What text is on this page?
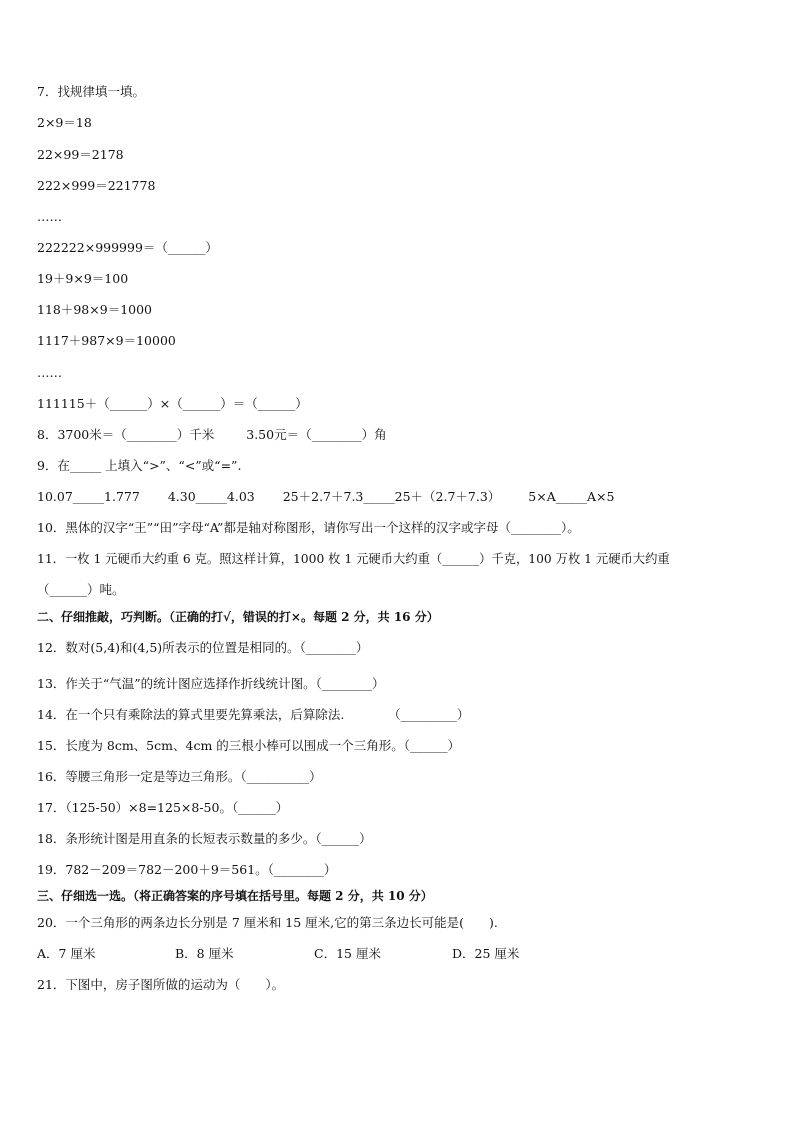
7．找规律填一填。
2×9＝18
22×99＝2178
222×999＝221778
……
222222×999999＝（______）
19＋9×9＝100
118＋98×9＝1000
1117＋987×9＝10000
……
111115＋（______）×（______）＝（______）
8．3700米＝（________）千米	3.50元＝（________）角
9．在_____ 上填入“>”、“<”或“=”.
10.07_____1.777 4.30_____4.03 25＋2.7＋7.3_____25＋（2.7＋7.3） 5×A_____A×5
10．黑体的汉字“王”“田”字母“A”都是轴对称图形，请你写出一个这样的汉字或字母（________）。
11．一枚 1 元硬币大约重 6 克。照这样计算，1000 枚 1 元硬币大约重（______）千克，100 万枚 1 元硬币大约重
（______）吨。
二、仔细推敲，巧判断。（正确的打√，错误的打×。每题 2 分，共 16 分）
12．数对(5,4)和(4,5)所表示的位置是相同的。（________）
13．作关于“气温”的统计图应选择作折线统计图。（________）
14．在一个只有乘除法的算式里要先算乘法，后算除法.　　　　（_________）
15．长度为 8cm、5cm、4cm 的三根小棒可以围成一个三角形。（______）
16．等腰三角形一定是等边三角形。（__________）
17．（125-50）×8=125×8-50。（______）
18．条形统计图是用直条的长短表示数量的多少。（______）
19．782－209＝782－200＋9＝561。（________）
三、仔细选一选。（将正确答案的序号填在括号里。每题 2 分，共 10 分）
20．一个三角形的两条边长分别是 7 厘米和 15 厘米,它的第三条边长可能是(　　).
A．7 厘米	B．8 厘米	C．15 厘米	D．25 厘米
21．下图中，房子图所做的运动为（　　）。
